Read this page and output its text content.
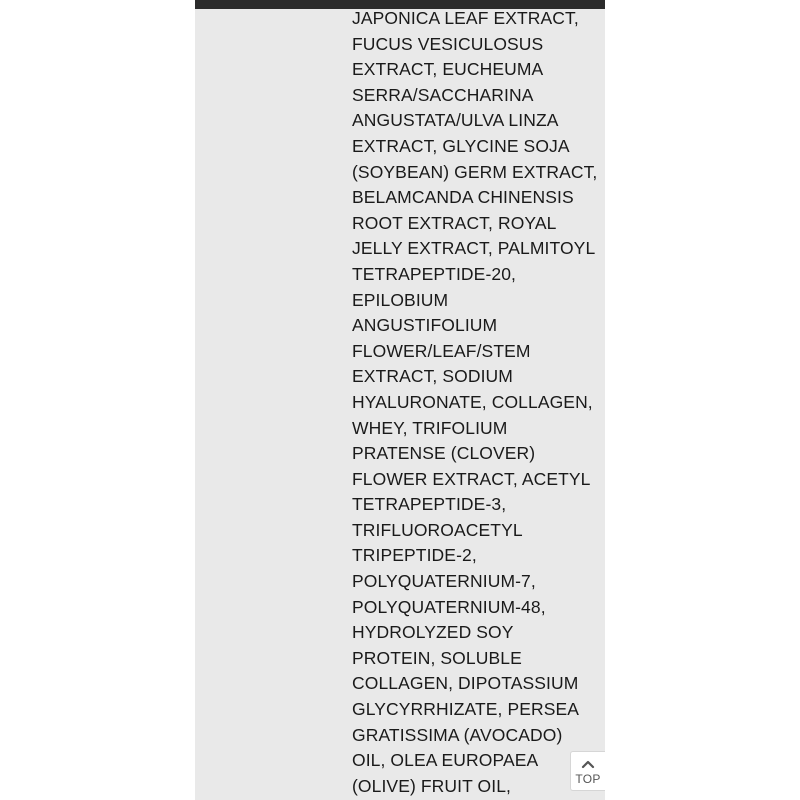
JAPONICA LEAF EXTRACT,
FUCUS VESICULOSUS
EXTRACT, EUCHEUMA
SERRA/SACCHARINA
ANGUSTATA/ULVA LINZA
EXTRACT, GLYCINE SOJA
(SOYBEAN) GERM EXTRACT,
BELAMCANDA CHINENSIS
ROOT EXTRACT, ROYAL
JELLY EXTRACT, PALMITOYL
TETRAPEPTIDE-20,
EPILOBIUM
ANGUSTIFOLIUM
FLOWER/LEAF/STEM
EXTRACT, SODIUM
HYALURONATE, COLLAGEN,
WHEY, TRIFOLIUM
PRATENSE (CLOVER)
FLOWER EXTRACT, ACETYL
TETRAPEPTIDE-3,
TRIFLUOROACETYL
TRIPEPTIDE-2,
POLYQUATERNIUM-7,
POLYQUATERNIUM-48,
HYDROLYZED SOY
PROTEIN, SOLUBLE
COLLAGEN, DIPOTASSIUM
GLYCYRRHIZATE, PERSEA
GRATISSIMA (AVOCADO)
OIL, OLEA EUROPAEA
(OLIVE) FRUIT OIL,	TOP
